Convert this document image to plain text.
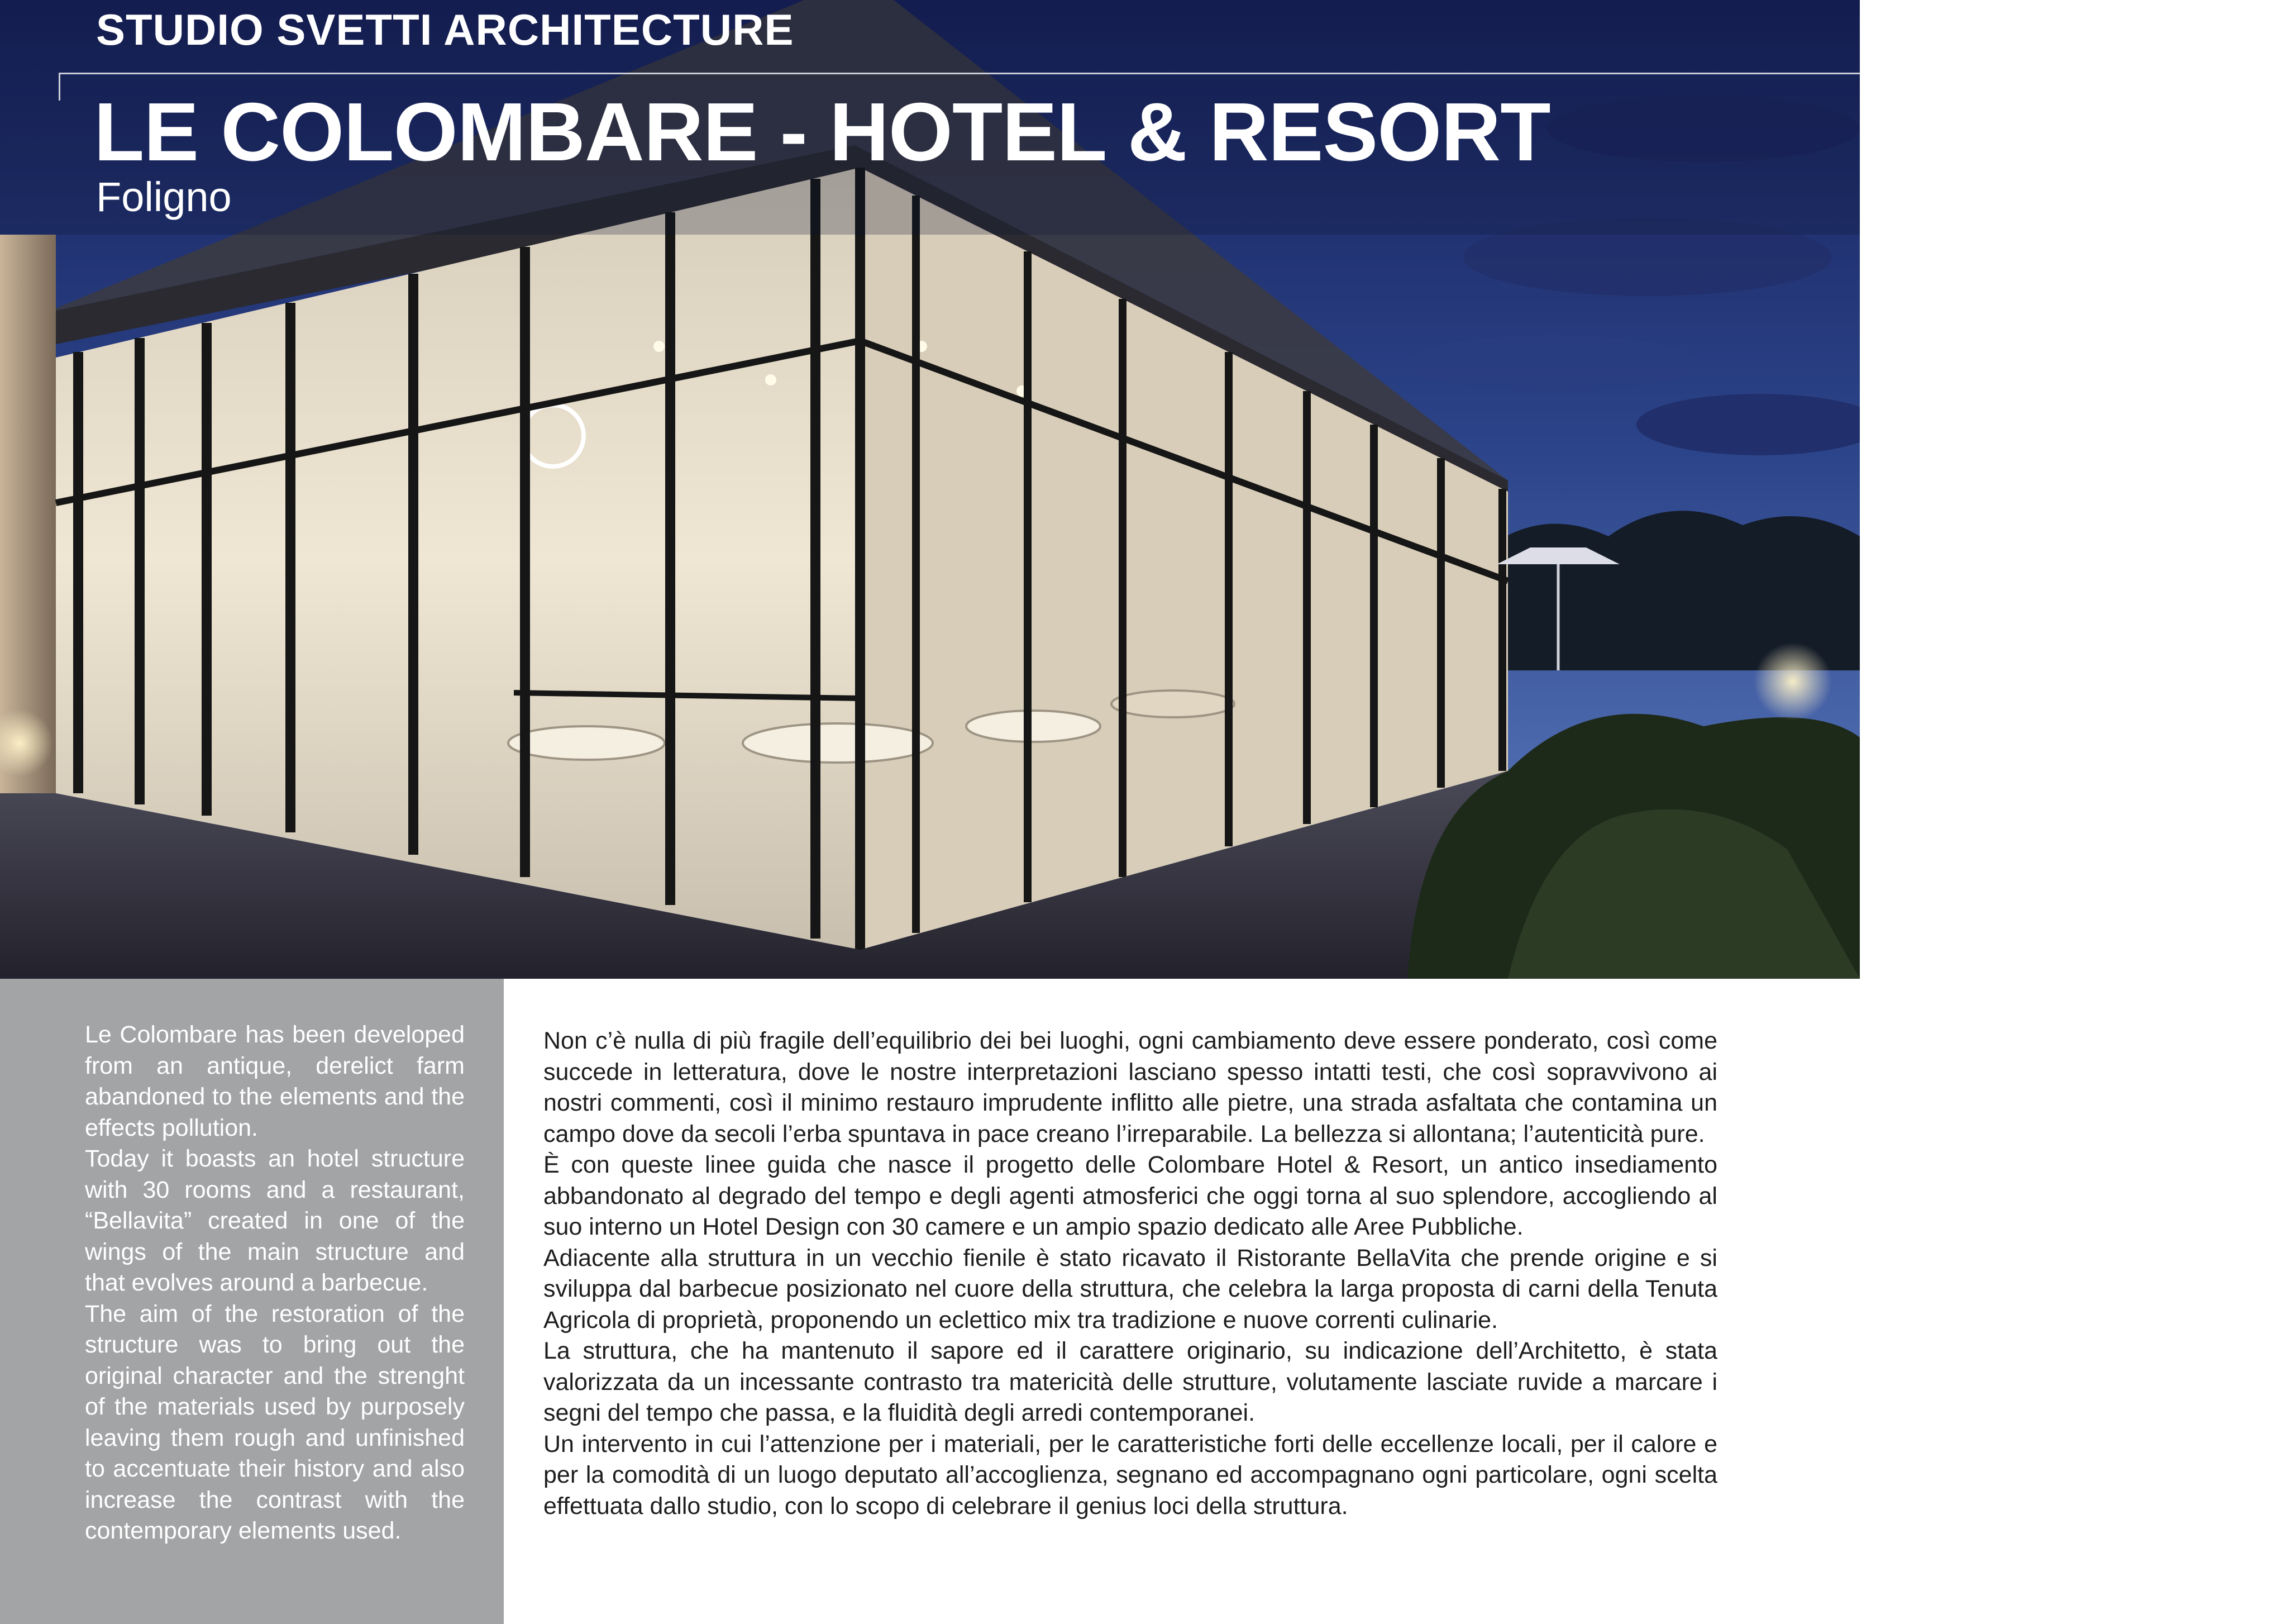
STUDIO SVETTI ARCHITECTURE
LE COLOMBARE - HOTEL & RESORT
Foligno

Le Colombare has been developed from an antique, derelict farm abandoned to the elements and the effects pollution.

Today it boasts an hotel structure with 30 rooms and a restaurant, “Bellavita” created in one of the wings of the main structure and that evolves around a barbecue.

The aim of the restoration of the structure was to bring out the original character and the strenght of the materials used by purposely leaving them rough and unfinished to accentuate their history and also increase the contrast with the contemporary elements used.

Non c’è nulla di più fragile dell’equilibrio dei bei luoghi, ogni cambiamento deve essere ponderato, così come succede in letteratura, dove le nostre interpretazioni lasciano spesso intatti testi, che così sopravvivono ai nostri commenti, così il minimo restauro imprudente inflitto alle pietre, una strada asfaltata che contamina un campo dove da secoli l’erba spuntava in pace creano l’irreparabile. La bellezza si allontana; l’autenticità pure.

È con queste linee guida che nasce il progetto delle Colombare Hotel & Resort, un antico insediamento abbandonato al degrado del tempo e degli agenti atmosferici che oggi torna al suo splendore, accogliendo al suo interno un Hotel Design con 30 camere e un ampio spazio dedicato alle Aree Pubbliche.

Adiacente alla struttura in un vecchio fienile è stato ricavato il Ristorante BellaVita che prende origine e si sviluppa dal barbecue posizionato nel cuore della struttura, che celebra la larga proposta di carni della Tenuta Agricola di proprietà, proponendo un eclettico mix tra tradizione e nuove correnti culinarie.

La struttura, che ha mantenuto il sapore ed il carattere originario, su indicazione dell’Architetto, è stata valorizzata da un incessante contrasto tra matericità delle strutture, volutamente lasciate ruvide a marcare i segni del tempo che passa, e la fluidità degli arredi contemporanei.

Un intervento in cui l’attenzione per i materiali, per le caratteristiche forti delle eccellenze locali, per il calore e per la comodità di un luogo deputato all’accoglienza, segnano ed accompagnano ogni particolare, ogni scelta effettuata dallo studio, con lo scopo di celebrare il genius loci della struttura.
